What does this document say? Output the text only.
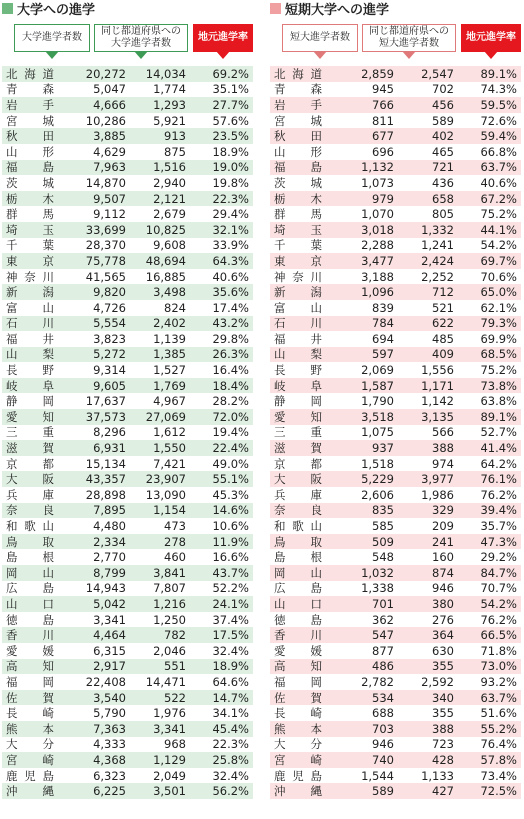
大学への進学
大学進学者数
同じ都道府県への
大学進学者数
地元進学率
北 海 道	20,272	14,034	69.2%
青 森	5,047	1,774	35.1%
岩 手	4,666	1,293	27.7%
宮 城	10,286	5,921	57.6%
秋 田	3,885	913	23.5%
山 形	4,629	875	18.9%
福 島	7,963	1,516	19.0%
茨 城	14,870	2,940	19.8%
栃 木	9,507	2,121	22.3%
群 馬	9,112	2,679	29.4%
埼 玉	33,699	10,825	32.1%
千 葉	28,370	9,608	33.9%
東 京	75,778	48,694	64.3%
神 奈 川	41,565	16,885	40.6%
新 潟	9,820	3,498	35.6%
富 山	4,726	824	17.4%
石 川	5,554	2,402	43.2%
福 井	3,823	1,139	29.8%
山 梨	5,272	1,385	26.3%
長 野	9,314	1,527	16.4%
岐 阜	9,605	1,769	18.4%
静 岡	17,637	4,967	28.2%
愛 知	37,573	27,069	72.0%
三 重	8,296	1,612	19.4%
滋 賀	6,931	1,550	22.4%
京 都	15,134	7,421	49.0%
大 阪	43,357	23,907	55.1%
兵 庫	28,898	13,090	45.3%
奈 良	7,895	1,154	14.6%
和 歌 山	4,480	473	10.6%
鳥 取	2,334	278	11.9%
島 根	2,770	460	16.6%
岡 山	8,799	3,841	43.7%
広 島	14,943	7,807	52.2%
山 口	5,042	1,216	24.1%
徳 島	3,341	1,250	37.4%
香 川	4,464	782	17.5%
愛 媛	6,315	2,046	32.4%
高 知	2,917	551	18.9%
福 岡	22,408	14,471	64.6%
佐 賀	3,540	522	14.7%
長 崎	5,790	1,976	34.1%
熊 本	7,363	3,341	45.4%
大 分	4,333	968	22.3%
宮 崎	4,368	1,129	25.8%
鹿 児 島	6,323	2,049	32.4%
沖 縄	6,225	3,501	56.2%
短期大学への進学
短大進学者数
同じ都道府県への
短大進学者数
地元進学率
北 海 道	2,859	2,547	89.1%
青 森	945	702	74.3%
岩 手	766	456	59.5%
宮 城	811	589	72.6%
秋 田	677	402	59.4%
山 形	696	465	66.8%
福 島	1,132	721	63.7%
茨 城	1,073	436	40.6%
栃 木	979	658	67.2%
群 馬	1,070	805	75.2%
埼 玉	3,018	1,332	44.1%
千 葉	2,288	1,241	54.2%
東 京	3,477	2,424	69.7%
神 奈 川	3,188	2,252	70.6%
新 潟	1,096	712	65.0%
富 山	839	521	62.1%
石 川	784	622	79.3%
福 井	694	485	69.9%
山 梨	597	409	68.5%
長 野	2,069	1,556	75.2%
岐 阜	1,587	1,171	73.8%
静 岡	1,790	1,142	63.8%
愛 知	3,518	3,135	89.1%
三 重	1,075	566	52.7%
滋 賀	937	388	41.4%
京 都	1,518	974	64.2%
大 阪	5,229	3,977	76.1%
兵 庫	2,606	1,986	76.2%
奈 良	835	329	39.4%
和 歌 山	585	209	35.7%
鳥 取	509	241	47.3%
島 根	548	160	29.2%
岡 山	1,032	874	84.7%
広 島	1,338	946	70.7%
山 口	701	380	54.2%
徳 島	362	276	76.2%
香 川	547	364	66.5%
愛 媛	877	630	71.8%
高 知	486	355	73.0%
福 岡	2,782	2,592	93.2%
佐 賀	534	340	63.7%
長 崎	688	355	51.6%
熊 本	703	388	55.2%
大 分	946	723	76.4%
宮 崎	740	428	57.8%
鹿 児 島	1,544	1,133	73.4%
沖 縄	589	427	72.5%
